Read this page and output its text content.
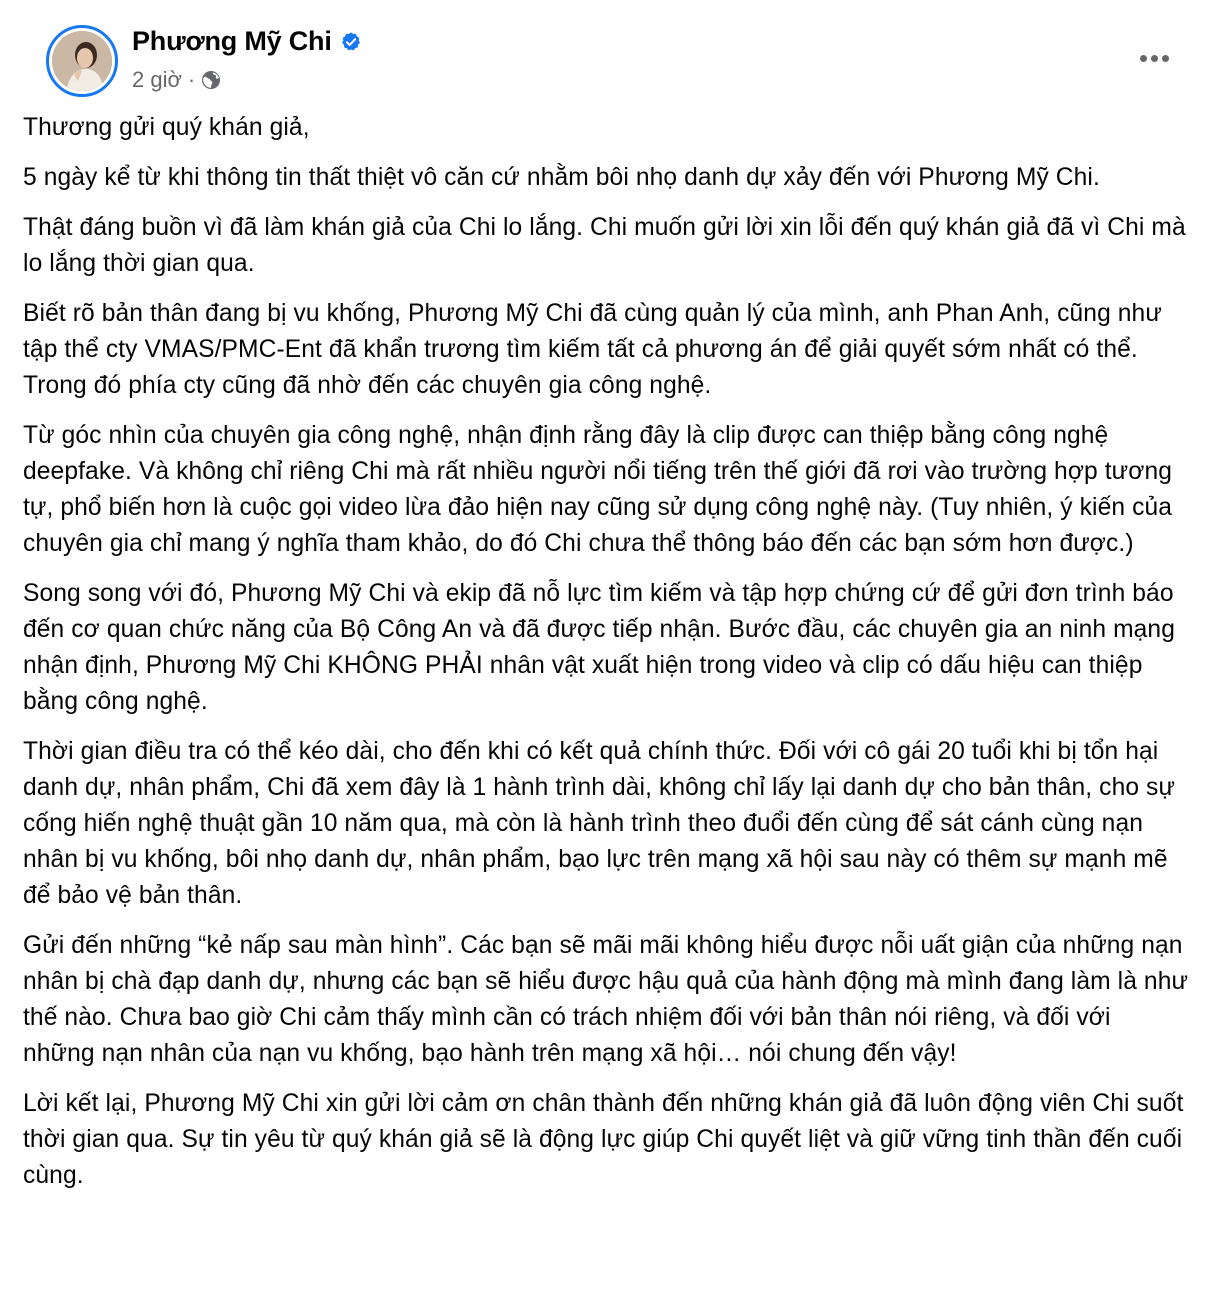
Phương Mỹ Chi
2 giờ ·

Thương gửi quý khán giả,

5 ngày kể từ khi thông tin thất thiệt vô căn cứ nhằm bôi nhọ danh dự xảy đến với Phương Mỹ Chi.

Thật đáng buồn vì đã làm khán giả của Chi lo lắng. Chi muốn gửi lời xin lỗi đến quý khán giả đã vì Chi mà lo lắng thời gian qua.

Biết rõ bản thân đang bị vu khống, Phương Mỹ Chi đã cùng quản lý của mình, anh Phan Anh, cũng như tập thể cty VMAS/PMC-Ent đã khẩn trương tìm kiếm tất cả phương án để giải quyết sớm nhất có thể. Trong đó phía cty cũng đã nhờ đến các chuyên gia công nghệ.

Từ góc nhìn của chuyên gia công nghệ, nhận định rằng đây là clip được can thiệp bằng công nghệ deepfake. Và không chỉ riêng Chi mà rất nhiều người nổi tiếng trên thế giới đã rơi vào trường hợp tương tự, phổ biến hơn là cuộc gọi video lừa đảo hiện nay cũng sử dụng công nghệ này. (Tuy nhiên, ý kiến của chuyên gia chỉ mang ý nghĩa tham khảo, do đó Chi chưa thể thông báo đến các bạn sớm hơn được.)

Song song với đó, Phương Mỹ Chi và ekip đã nỗ lực tìm kiếm và tập hợp chứng cứ để gửi đơn trình báo đến cơ quan chức năng của Bộ Công An và đã được tiếp nhận. Bước đầu, các chuyên gia an ninh mạng nhận định, Phương Mỹ Chi KHÔNG PHẢI nhân vật xuất hiện trong video và clip có dấu hiệu can thiệp bằng công nghệ.

Thời gian điều tra có thể kéo dài, cho đến khi có kết quả chính thức. Đối với cô gái 20 tuổi khi bị tổn hại danh dự, nhân phẩm, Chi đã xem đây là 1 hành trình dài, không chỉ lấy lại danh dự cho bản thân, cho sự cống hiến nghệ thuật gần 10 năm qua, mà còn là hành trình theo đuổi đến cùng để sát cánh cùng nạn nhân bị vu khống, bôi nhọ danh dự, nhân phẩm, bạo lực trên mạng xã hội sau này có thêm sự mạnh mẽ để bảo vệ bản thân.

Gửi đến những “kẻ nấp sau màn hình”. Các bạn sẽ mãi mãi không hiểu được nỗi uất giận của những nạn nhân bị chà đạp danh dự, nhưng các bạn sẽ hiểu được hậu quả của hành động mà mình đang làm là như thế nào. Chưa bao giờ Chi cảm thấy mình cần có trách nhiệm đối với bản thân nói riêng, và đối với những nạn nhân của nạn vu khống, bạo hành trên mạng xã hội… nói chung đến vậy!

Lời kết lại, Phương Mỹ Chi xin gửi lời cảm ơn chân thành đến những khán giả đã luôn động viên Chi suốt thời gian qua. Sự tin yêu từ quý khán giả sẽ là động lực giúp Chi quyết liệt và giữ vững tinh thần đến cuối cùng.
